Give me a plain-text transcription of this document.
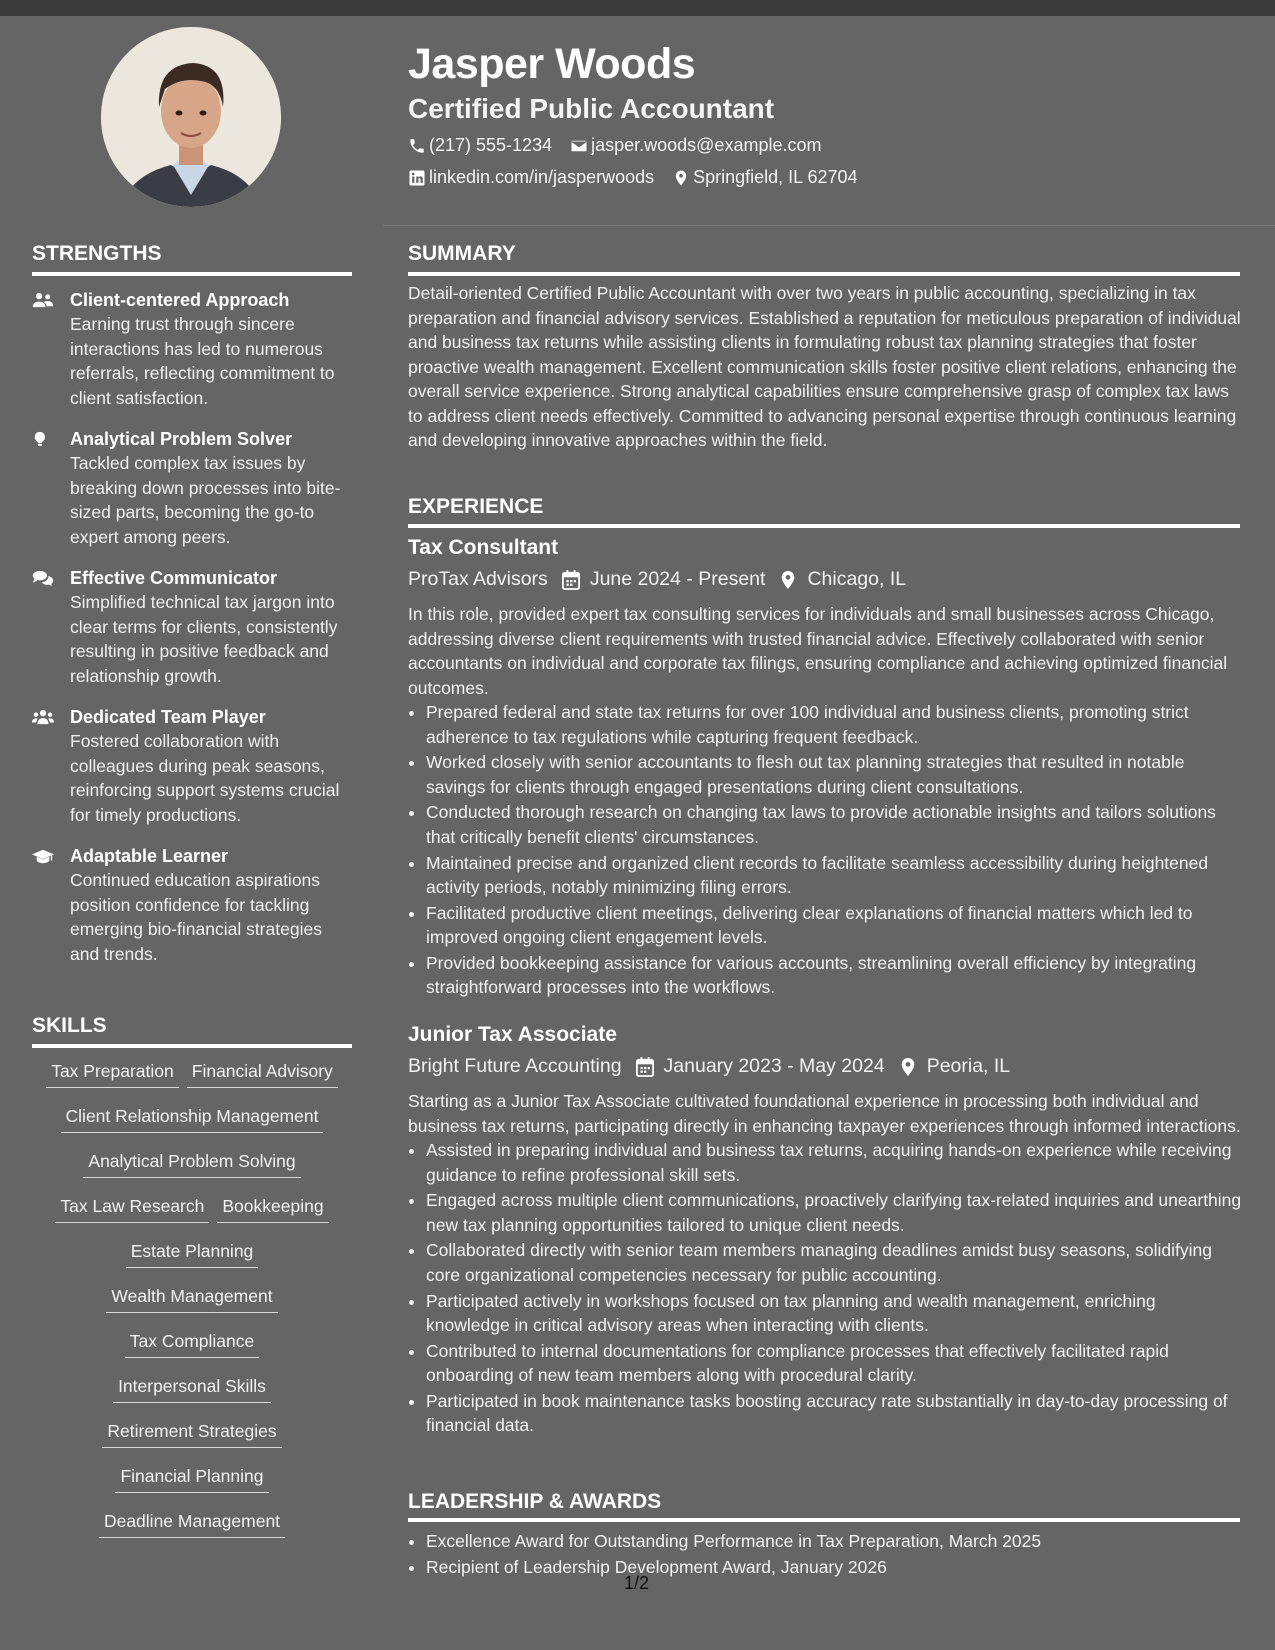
Jasper Woods
Certified Public Accountant
(217) 555-1234 jasper.woods@example.com
linkedin.com/in/jasperwoods Springfield, IL 62704
STRENGTHS
Client-centered Approach
Earning trust through sincere interactions has led to numerous referrals, reflecting commitment to client satisfaction.
Analytical Problem Solver
Tackled complex tax issues by breaking down processes into bite-sized parts, becoming the go-to expert among peers.
Effective Communicator
Simplified technical tax jargon into clear terms for clients, consistently resulting in positive feedback and relationship growth.
Dedicated Team Player
Fostered collaboration with colleagues during peak seasons, reinforcing support systems crucial for timely productions.
Adaptable Learner
Continued education aspirations position confidence for tackling emerging bio-financial strategies and trends.
SKILLS
Tax Preparation Financial Advisory
Client Relationship Management
Analytical Problem Solving
Tax Law Research Bookkeeping
Estate Planning
Wealth Management
Tax Compliance
Interpersonal Skills
Retirement Strategies
Financial Planning
Deadline Management
SUMMARY

Detail-oriented Certified Public Accountant with over two years in public accounting, specializing in tax preparation and financial advisory services. Established a reputation for meticulous preparation of individual and business tax returns while assisting clients in formulating robust tax planning strategies that foster proactive wealth management. Excellent communication skills foster positive client relations, enhancing the overall service experience. Strong analytical capabilities ensure comprehensive grasp of complex tax laws to address client needs effectively. Committed to advancing personal expertise through continuous learning and developing innovative approaches within the field.

EXPERIENCE
Tax Consultant
ProTax Advisors June 2024 - Present Chicago, IL

In this role, provided expert tax consulting services for individuals and small businesses across Chicago, addressing diverse client requirements with trusted financial advice. Effectively collaborated with senior accountants on individual and corporate tax filings, ensuring compliance and achieving optimized financial outcomes.

• Prepared federal and state tax returns for over 100 individual and business clients, promoting strict adherence to tax regulations while capturing frequent feedback.
• Worked closely with senior accountants to flesh out tax planning strategies that resulted in notable savings for clients through engaged presentations during client consultations.
• Conducted thorough research on changing tax laws to provide actionable insights and tailors solutions that critically benefit clients' circumstances.
• Maintained precise and organized client records to facilitate seamless accessibility during heightened activity periods, notably minimizing filing errors.
• Facilitated productive client meetings, delivering clear explanations of financial matters which led to improved ongoing client engagement levels.
• Provided bookkeeping assistance for various accounts, streamlining overall efficiency by integrating straightforward processes into the workflows.
Junior Tax Associate
Bright Future Accounting January 2023 - May 2024 Peoria, IL

Starting as a Junior Tax Associate cultivated foundational experience in processing both individual and business tax returns, participating directly in enhancing taxpayer experiences through informed interactions.

• Assisted in preparing individual and business tax returns, acquiring hands-on experience while receiving guidance to refine professional skill sets.
• Engaged across multiple client communications, proactively clarifying tax-related inquiries and unearthing new tax planning opportunities tailored to unique client needs.
• Collaborated directly with senior team members managing deadlines amidst busy seasons, solidifying core organizational competencies necessary for public accounting.
• Participated actively in workshops focused on tax planning and wealth management, enriching knowledge in critical advisory areas when interacting with clients.
• Contributed to internal documentations for compliance processes that effectively facilitated rapid onboarding of new team members along with procedural clarity.
• Participated in book maintenance tasks boosting accuracy rate substantially in day-to-day processing of financial data.
LEADERSHIP & AWARDS
• Excellence Award for Outstanding Performance in Tax Preparation, March 2025
• Recipient of Leadership Development Award, January 2026
1/2
